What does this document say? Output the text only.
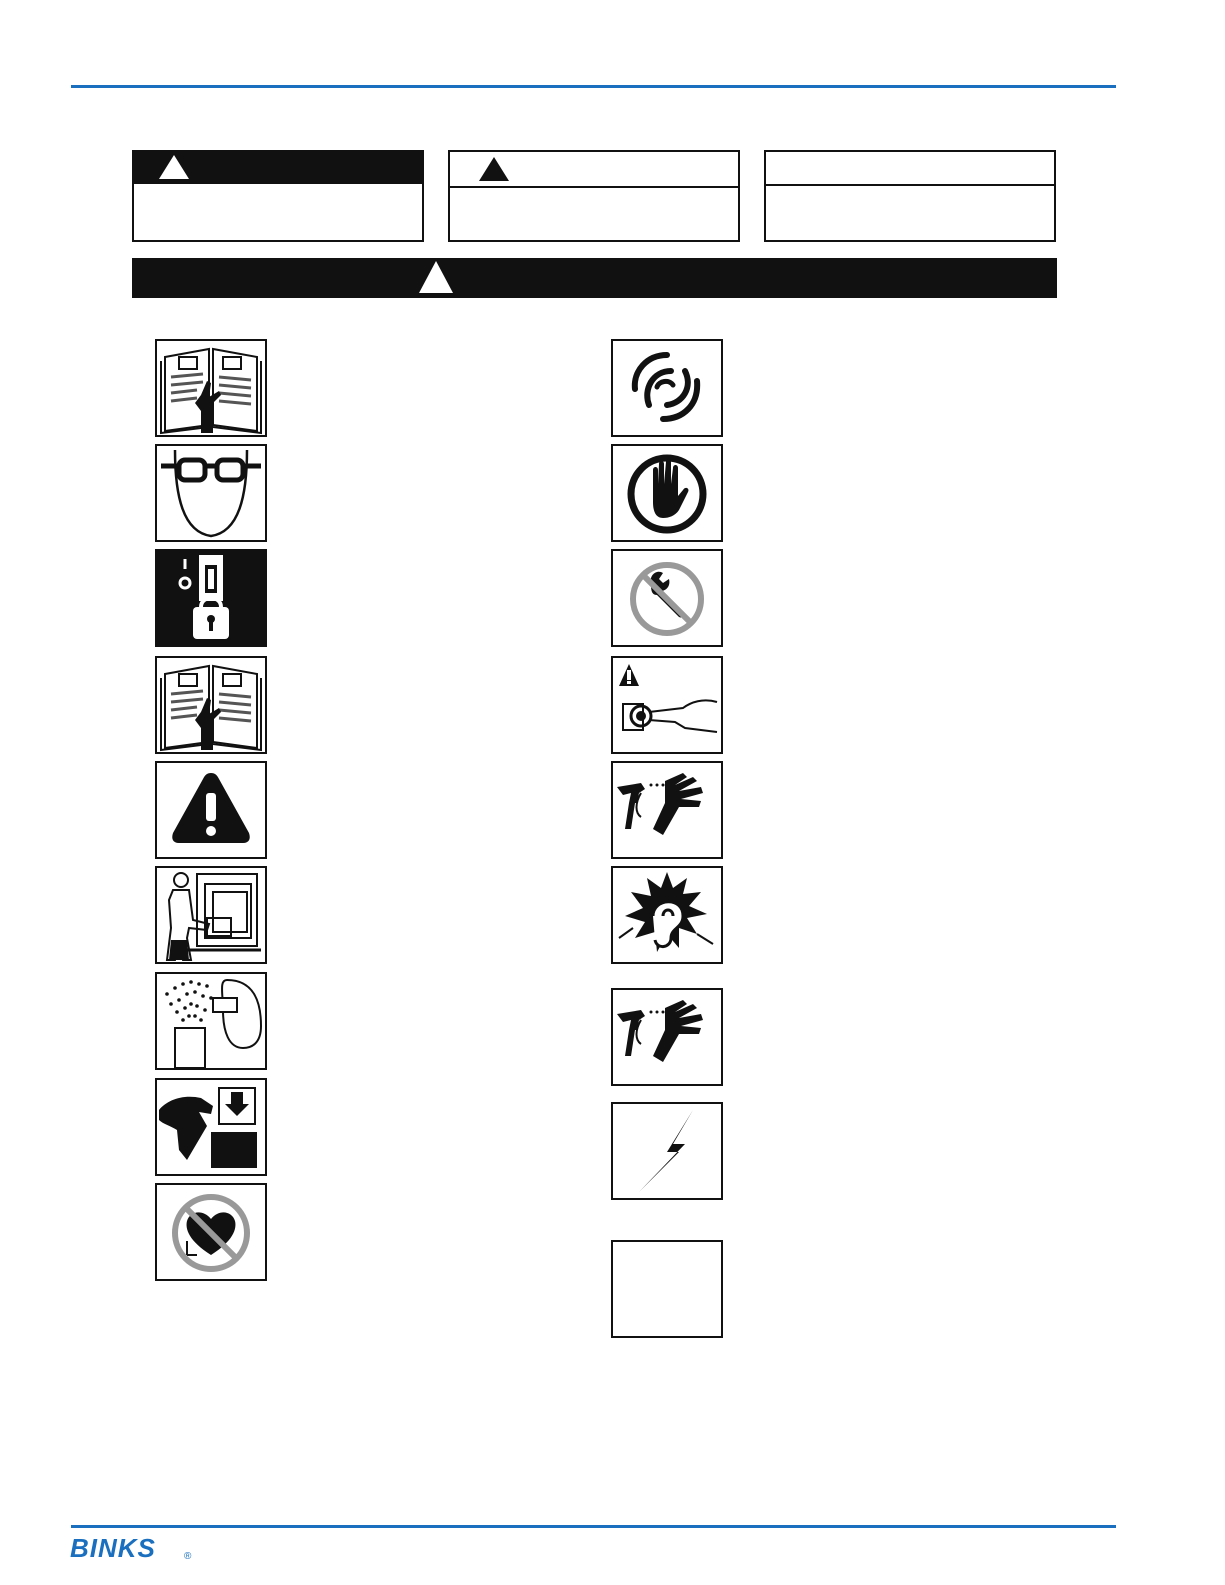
BINKS	®
